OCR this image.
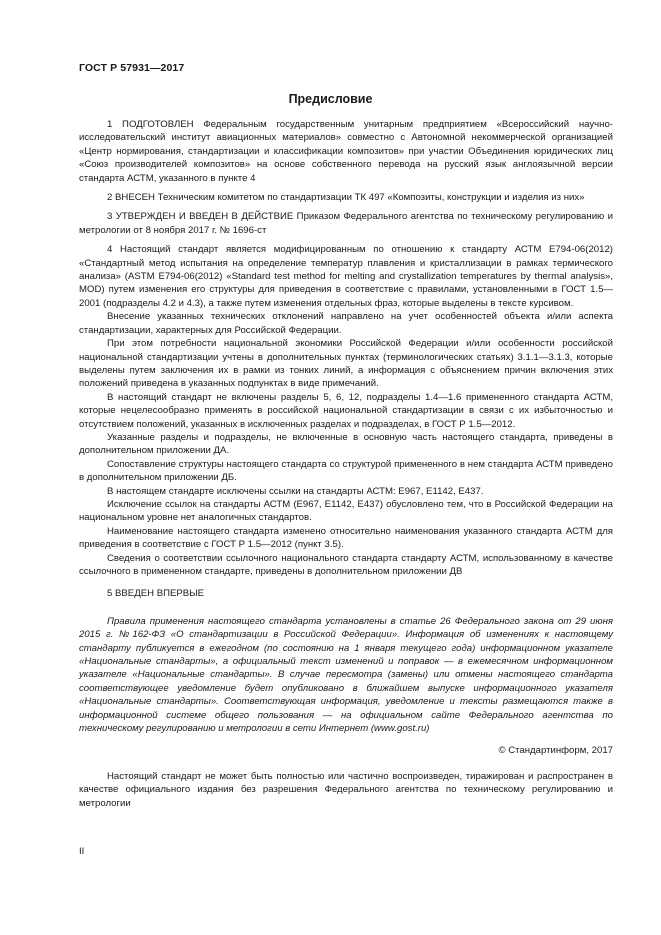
ГОСТ Р 57931—2017
Предисловие

1 ПОДГОТОВЛЕН Федеральным государственным унитарным предприятием «Всероссийский научно-исследовательский институт авиационных материалов» совместно с Автономной некоммерческой организацией «Центр нормирования, стандартизации и классификации композитов» при участии Объединения юридических лиц «Союз производителей композитов» на основе собственного перевода на русский язык англоязычной версии стандарта АСТМ, указанного в пункте 4

2 ВНЕСЕН Техническим комитетом по стандартизации ТК 497 «Композиты, конструкции и изделия из них»

3 УТВЕРЖДЕН И ВВЕДЕН В ДЕЙСТВИЕ Приказом Федерального агентства по техническому регулированию и метрологии от 8 ноября 2017 г. № 1696-ст

4 Настоящий стандарт является модифицированным по отношению к стандарту АСТМ Е794-06(2012) «Стандартный метод испытания на определение температур плавления и кристаллизации в рамках термического анализа» (ASTM E794-06(2012) «Standard test method for melting and crystallization temperatures by thermal analysis», MOD) путем изменения его структуры для приведения в соответствие с правилами, установленными в ГОСТ 1.5—2001 (подразделы 4.2 и 4.3), а также путем изменения отдельных фраз, которые выделены в тексте курсивом.

Внесение указанных технических отклонений направлено на учет особенностей объекта и/или аспекта стандартизации, характерных для Российской Федерации.

При этом потребности национальной экономики Российской Федерации и/или особенности российской национальной стандартизации учтены в дополнительных пунктах (терминологических статьях) 3.1.1—3.1.3, которые выделены путем заключения их в рамки из тонких линий, а информация с объяснением причин включения этих положений приведена в указанных подпунктах в виде примечаний.

В настоящий стандарт не включены разделы 5, 6, 12, подразделы 1.4—1.6 примененного стандарта АСТМ, которые нецелесообразно применять в российской национальной стандартизации в связи с их избыточностью и отсутствием положений, указанных в исключенных разделах и подразделах, в ГОСТ Р 1.5—2012.

Указанные разделы и подразделы, не включенные в основную часть настоящего стандарта, приведены в дополнительном приложении ДА.

Сопоставление структуры настоящего стандарта со структурой примененного в нем стандарта АСТМ приведено в дополнительном приложении ДБ.

В настоящем стандарте исключены ссылки на стандарты АСТМ: Е967, Е1142, Е437.

Исключение ссылок на стандарты АСТМ (Е967, Е1142, Е437) обусловлено тем, что в Российской Федерации на национальном уровне нет аналогичных стандартов.

Наименование настоящего стандарта изменено относительно наименования указанного стандарта АСТМ для приведения в соответствие с ГОСТ Р 1.5—2012 (пункт 3.5).

Сведения о соответствии ссылочного национального стандарта стандарту АСТМ, использованному в качестве ссылочного в примененном стандарте, приведены в дополнительном приложении ДВ

5 ВВЕДЕН ВПЕРВЫЕ

Правила применения настоящего стандарта установлены в статье 26 Федерального закона от 29 июня 2015 г. №162-ФЗ «О стандартизации в Российской Федерации». Информация об изменениях к настоящему стандарту публикуется в ежегодном (по состоянию на 1 января текущего года) информационном указателе «Национальные стандарты», а официальный текст изменений и поправок — в ежемесячном информационном указателе «Национальные стандарты». В случае пересмотра (замены) или отмены настоящего стандарта соответствующее уведомление будет опубликовано в ближайшем выпуске информационного указателя «Национальные стандарты». Соответствующая информация, уведомление и тексты размещаются также в информационной системе общего пользования — на официальном сайте Федерального агентства по техническому регулированию и метрологии в сети Интернет (www.gost.ru)

© Стандартинформ, 2017

Настоящий стандарт не может быть полностью или частично воспроизведен, тиражирован и распространен в качестве официального издания без разрешения Федерального агентства по техническому регулированию и метрологии

II
